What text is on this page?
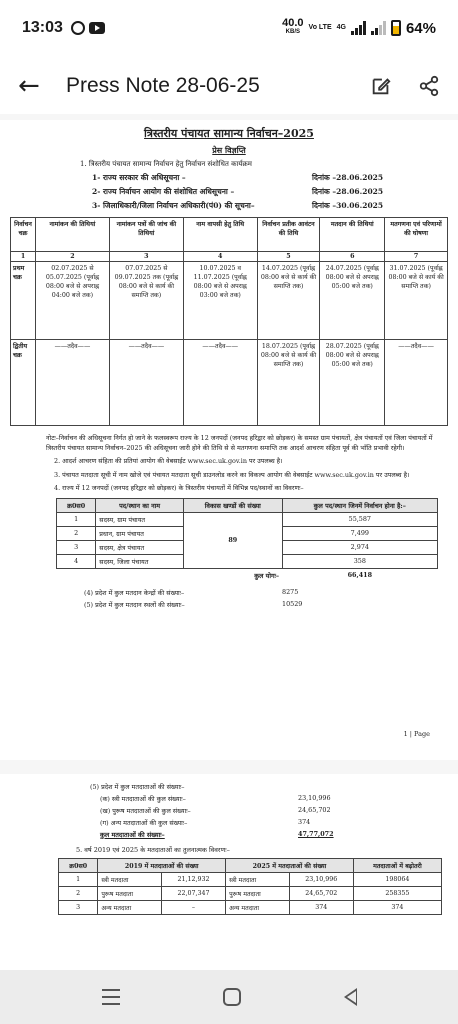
13:03	40.0
KB/S
Vo LTE 4G	64%
←	Press Note 28-06-25
त्रिस्तरीय पंचायत सामान्य निर्वाचन–2025
प्रेस विज्ञप्ति
1. त्रिस्तरीय पंचायत सामान्य निर्वाचन हेतु निर्वाचन संशोधित कार्यक्रम
1- राज्य सरकार की अधिसूचना –	दिनांक –28.06.2025
2- राज्य निर्वाचन आयोग की संशोधित अधिसूचना –	दिनांक –28.06.2025
3- जिलाधिकारी/जिला निर्वाचन अधिकारी(पं0) की सूचना–	दिनांक –30.06.2025
निर्वाचन चक्र	नामांकन की तिथियां	नामांकन पत्रों की जांच की तिथियां	नाम वापसी हेतु तिथि	निर्वाचन प्रतीक आवंटन की तिथि	मतदान की तिथियां	मतगणना एवं परिणामों की घोषणा
1	2	3	4	5	6	7
प्रथम चक्र	02.07.2025 से 05.07.2025 (पूर्वाह्न 08:00 बजे से अपराह्न 04:00 बजे तक)	07.07.2025 से 09.07.2025 तक (पूर्वाह्न 08:00 बजे से कार्य की समाप्ति तक)	10.07.2025 व 11.07.2025 (पूर्वाह्न 08:00 बजे से अपराह्न 03:00 बजे तक)	14.07.2025 (पूर्वाह्न 08:00 बजे से कार्य की समाप्ति तक)	24.07.2025 (पूर्वाह्न 08:00 बजे से अपराह्न 05:00 बजे तक)	31.07.2025 (पूर्वाह्न 08:00 बजे से कार्य की समाप्ति तक)
द्वितीय चक्र	——तदैव——	——तदैव——	——तदैव——	18.07.2025 (पूर्वाह्न 08:00 बजे से कार्य की समाप्ति तक)	28.07.2025 (पूर्वाह्न 08:00 बजे से अपराह्न 05:00 बजे तक)	——तदैव——

नोटः–निर्वाचन की अधिसूचना निर्गत हो जाने के फलस्वरूप राज्य के 12 जनपदों (जनपद हरिद्वार को छोड़कर) के समस्त ग्राम पंचायतों, क्षेत्र पंचायतों एवं जिला पंचायतों में त्रिस्तरीय पंचायत सामान्य निर्वाचन–2025 की अधिसूचना जारी होने की तिथि से से मतगणना समाप्ति तक आदर्श आचरण संहिता पूर्व की भाँति प्रभावी रहेगी।

2. आदर्श आचरण संहिता की प्रतियां आयोग की वेबसाईट www.sec.uk.gov.in पर उपलब्ध है।

3. पंचायत मतदाता सूची में नाम खोजे एवं पंचायत मतदाता सूची डाउनलोड करने का विकल्प आयोग की वेबसाईट www.sec.uk.gov.in पर उपलब्ध है।

4. राज्य में 12 जनपदों (जनपद हरिद्वार को छोड़कर) के त्रिस्तरीय पंचायतों में विभिन्न पद/स्थानों का विवरणः–

क्र0स0	पद/स्थान का नाम	विकास खण्डों की संख्या	कुल पद/स्थान जिनमें निर्वाचन होना है:–
1	सदस्य, ग्राम पंचायत	89	55,587
2	प्रधान, ग्राम पंचायत		7,499
3	सदस्य, क्षेत्र पंचायत		2,974
4	सदस्य, जिला पंचायत		358
कुल योगः–			66,418
(4) प्रदेश में कुल मतदान केन्द्रों की संख्याः–	8275
(5) प्रदेश में कुल मतदान स्थलों की संख्याः–	10529
1 | Page
(5) प्रदेश में कुल मतदाताओं की संख्याः–
(क) स्त्री मतदाताओं की कुल संख्याः–	23,10,996
(ख) पुरूष मतदाताओं की कुल संख्याः–	24,65,702
(ग) अन्य मतदाताओं की कुल संख्याः–	374
कुल मतदाताओं की संख्याः–	47,77,072
5. वर्ष 2019 एवं 2025 के मतदाताओं का तुलनात्मक विवरणः–
क्र0स0	2019 में मतदाताओं की संख्या		2025 में मतदाताओं की संख्या		मतदाताओं में बढ़ोतरी
1	स्त्री मतदाता	21,12,932	स्त्री मतदाता	23,10,996	198064
2	पुरूष मतदाता	22,07,347	पुरूष मतदाता	24,65,702	258355
3	अन्य मतदाता	–	अन्य मतदाता	374	374
